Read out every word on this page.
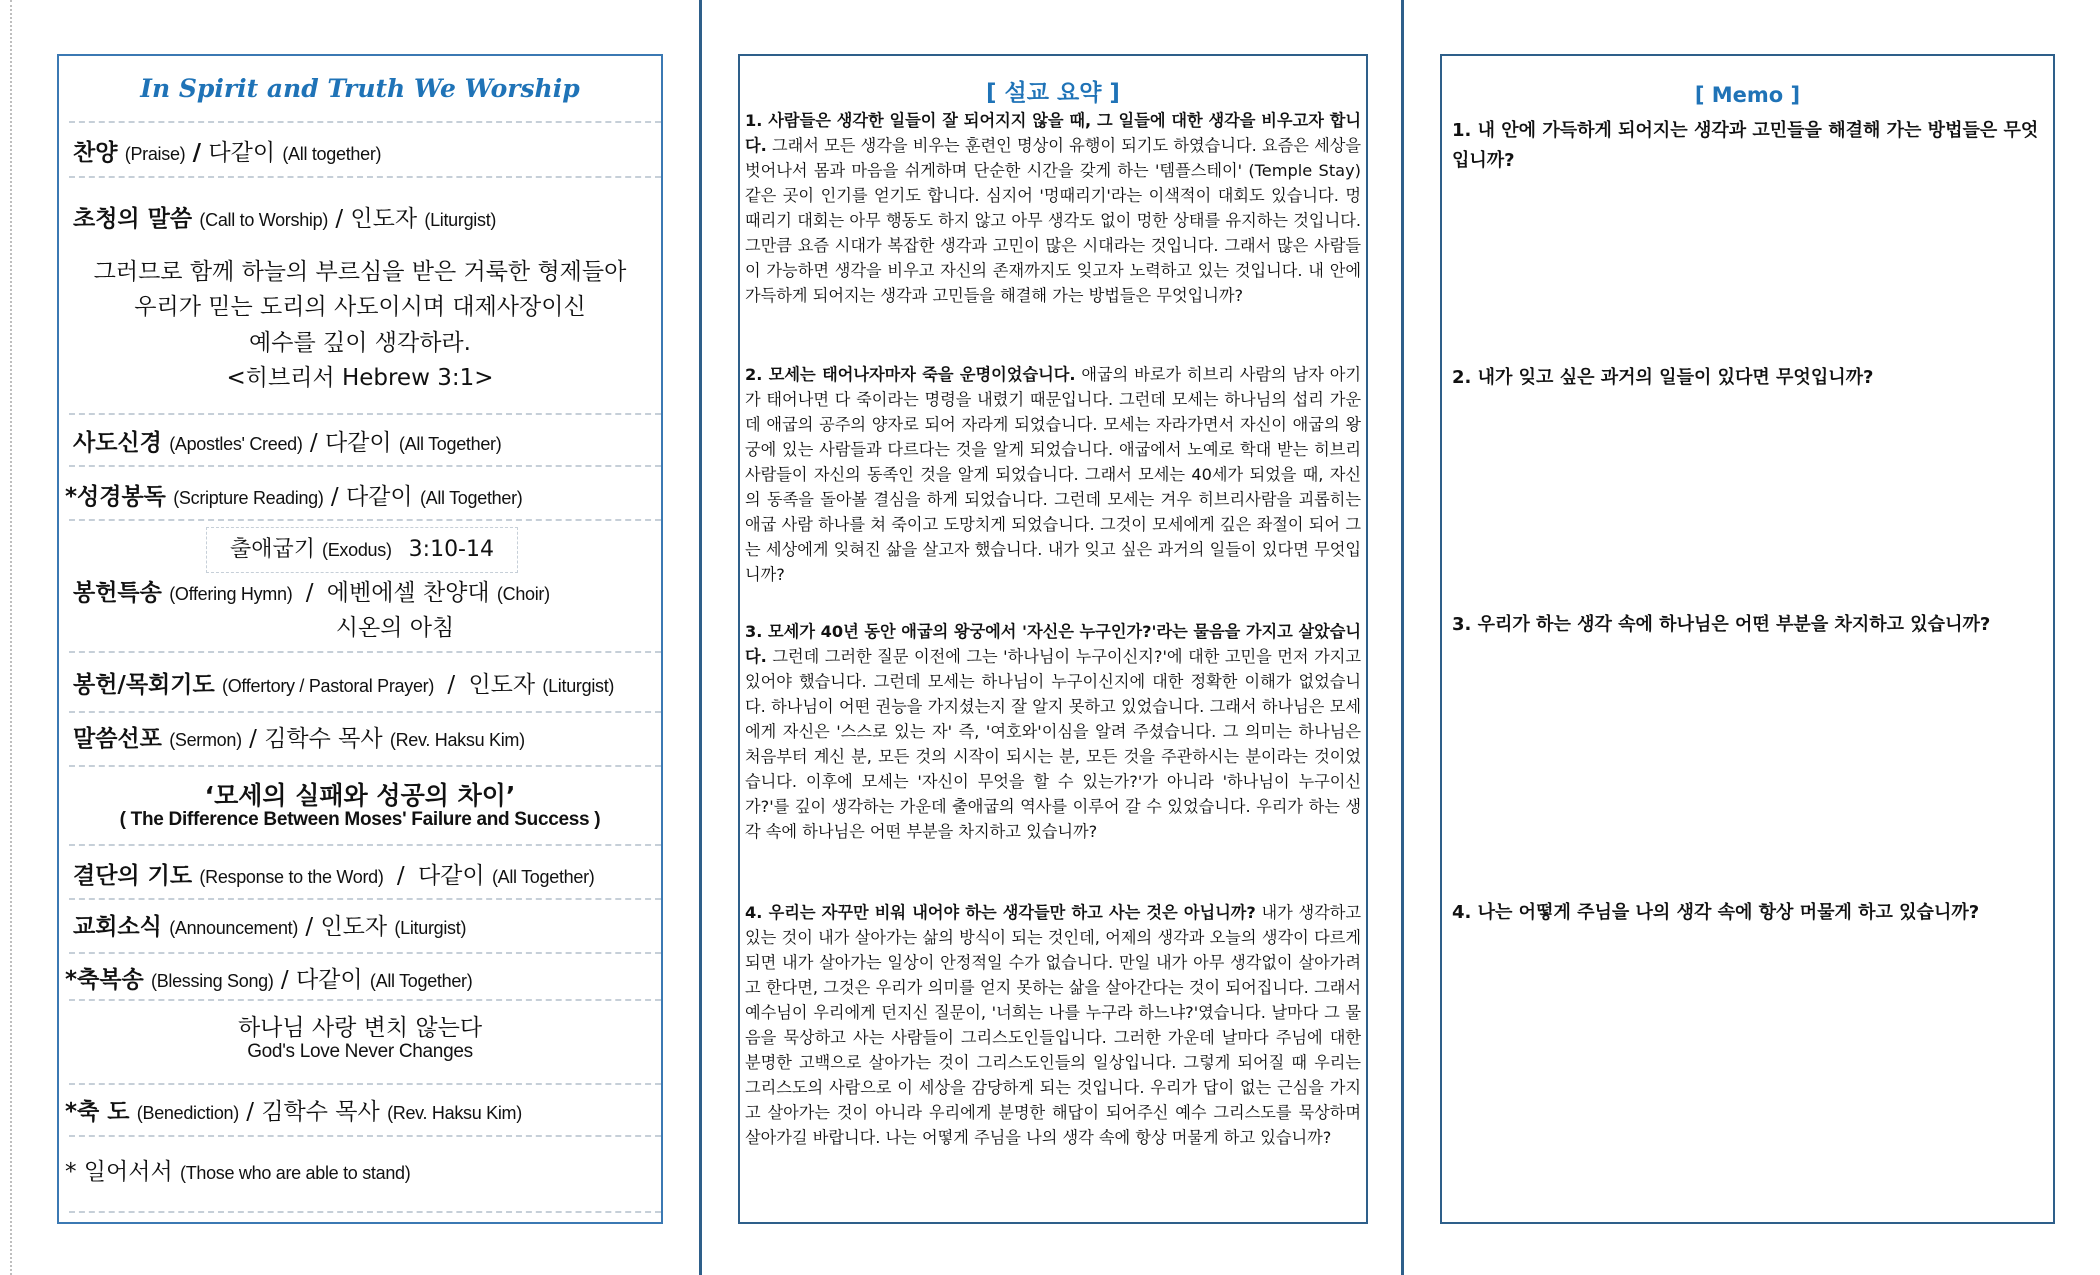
In Spirit and Truth We Worship
찬양 (Praise) / 다같이 (All together)
초청의 말씀 (Call to Worship) / 인도자 (Liturgist)
그러므로 함께 하늘의 부르심을 받은 거룩한 형제들아
우리가 믿는 도리의 사도이시며 대제사장이신
예수를 깊이 생각하라.
<히브리서 Hebrew 3:1>
사도신경 (Apostles' Creed) / 다같이 (All Together)
*성경봉독 (Scripture Reading) / 다같이 (All Together)
출애굽기 (Exodus) 3:10-14
봉헌특송 (Offering Hymn) / 에벤에셀 찬양대 (Choir)
시온의 아침
봉헌/목회기도 (Offertory / Pastoral Prayer) / 인도자 (Liturgist)
말씀선포 (Sermon) / 김학수 목사 (Rev. Haksu Kim)
‘모세의 실패와 성공의 차이’
( The Difference Between Moses' Failure and Success )
결단의 기도 (Response to the Word) / 다같이 (All Together)
교회소식 (Announcement) / 인도자 (Liturgist)
*축복송 (Blessing Song) / 다같이 (All Together)
하나님 사랑 변치 않는다
God's Love Never Changes
*축 도 (Benediction) / 김학수 목사 (Rev. Haksu Kim)
* 일어서서 (Those who are able to stand)
[ 설교 요약 ]
1. 사람들은 생각한 일들이 잘 되어지지 않을 때, 그 일들에 대한 생각을 비우고자 합니다. 그래서 모든 생각을 비우는 훈련인 명상이 유행이 되기도 하였습니다. 요즘은 세상을 벗어나서 몸과 마음을 쉬게하며 단순한 시간을 갖게 하는 '템플스테이' (Temple Stay) 같은 곳이 인기를 얻기도 합니다. 심지어 '멍때리기'라는 이색적이 대회도 있습니다. 멍때리기 대회는 아무 행동도 하지 않고 아무 생각도 없이 멍한 상태를 유지하는 것입니다. 그만큼 요즘 시대가 복잡한 생각과 고민이 많은 시대라는 것입니다. 그래서 많은 사람들이 가능하면 생각을 비우고 자신의 존재까지도 잊고자 노력하고 있는 것입니다. 내 안에 가득하게 되어지는 생각과 고민들을 해결해 가는 방법들은 무엇입니까?
2. 모세는 태어나자마자 죽을 운명이었습니다. 애굽의 바로가 히브리 사람의 남자 아기가 태어나면 다 죽이라는 명령을 내렸기 때문입니다. 그런데 모세는 하나님의 섭리 가운데 애굽의 공주의 양자로 되어 자라게 되었습니다. 모세는 자라가면서 자신이 애굽의 왕궁에 있는 사람들과 다르다는 것을 알게 되었습니다. 애굽에서 노예로 학대 받는 히브리 사람들이 자신의 동족인 것을 알게 되었습니다. 그래서 모세는 40세가 되었을 때, 자신의 동족을 돌아볼 결심을 하게 되었습니다. 그런데 모세는 겨우 히브리사람을 괴롭히는 애굽 사람 하나를 쳐 죽이고 도망치게 되었습니다. 그것이 모세에게 깊은 좌절이 되어 그는 세상에게 잊혀진 삶을 살고자 했습니다. 내가 잊고 싶은 과거의 일들이 있다면 무엇입니까?
3. 모세가 40년 동안 애굽의 왕궁에서 '자신은 누구인가?'라는 물음을 가지고 살았습니다. 그런데 그러한 질문 이전에 그는 '하나님이 누구이신지?'에 대한 고민을 먼저 가지고 있어야 했습니다. 그런데 모세는 하나님이 누구이신지에 대한 정확한 이해가 없었습니다. 하나님이 어떤 권능을 가지셨는지 잘 알지 못하고 있었습니다. 그래서 하나님은 모세에게 자신은 '스스로 있는 자' 즉, '여호와'이심을 알려 주셨습니다. 그 의미는 하나님은 처음부터 계신 분, 모든 것의 시작이 되시는 분, 모든 것을 주관하시는 분이라는 것이었습니다. 이후에 모세는 '자신이 무엇을 할 수 있는가?'가 아니라 '하나님이 누구이신가?'를 깊이 생각하는 가운데 출애굽의 역사를 이루어 갈 수 있었습니다. 우리가 하는 생각 속에 하나님은 어떤 부분을 차지하고 있습니까?
4. 우리는 자꾸만 비워 내어야 하는 생각들만 하고 사는 것은 아닙니까? 내가 생각하고 있는 것이 내가 살아가는 삶의 방식이 되는 것인데, 어제의 생각과 오늘의 생각이 다르게 되면 내가 살아가는 일상이 안정적일 수가 없습니다. 만일 내가 아무 생각없이 살아가려고 한다면, 그것은 우리가 의미를 얻지 못하는 삶을 살아간다는 것이 되어집니다. 그래서 예수님이 우리에게 던지신 질문이, '너희는 나를 누구라 하느냐?'였습니다. 날마다 그 물음을 묵상하고 사는 사람들이 그리스도인들입니다. 그러한 가운데 날마다 주님에 대한 분명한 고백으로 살아가는 것이 그리스도인들의 일상입니다. 그렇게 되어질 때 우리는 그리스도의 사람으로 이 세상을 감당하게 되는 것입니다. 우리가 답이 없는 근심을 가지고 살아가는 것이 아니라 우리에게 분명한 해답이 되어주신 예수 그리스도를 묵상하며 살아가길 바랍니다. 나는 어떻게 주님을 나의 생각 속에 항상 머물게 하고 있습니까?
[ Memo ]
1. 내 안에 가득하게 되어지는 생각과 고민들을 해결해 가는 방법들은 무엇입니까?
2. 내가 잊고 싶은 과거의 일들이 있다면 무엇입니까?
3. 우리가 하는 생각 속에 하나님은 어떤 부분을 차지하고 있습니까?
4. 나는 어떻게 주님을 나의 생각 속에 항상 머물게 하고 있습니까?
